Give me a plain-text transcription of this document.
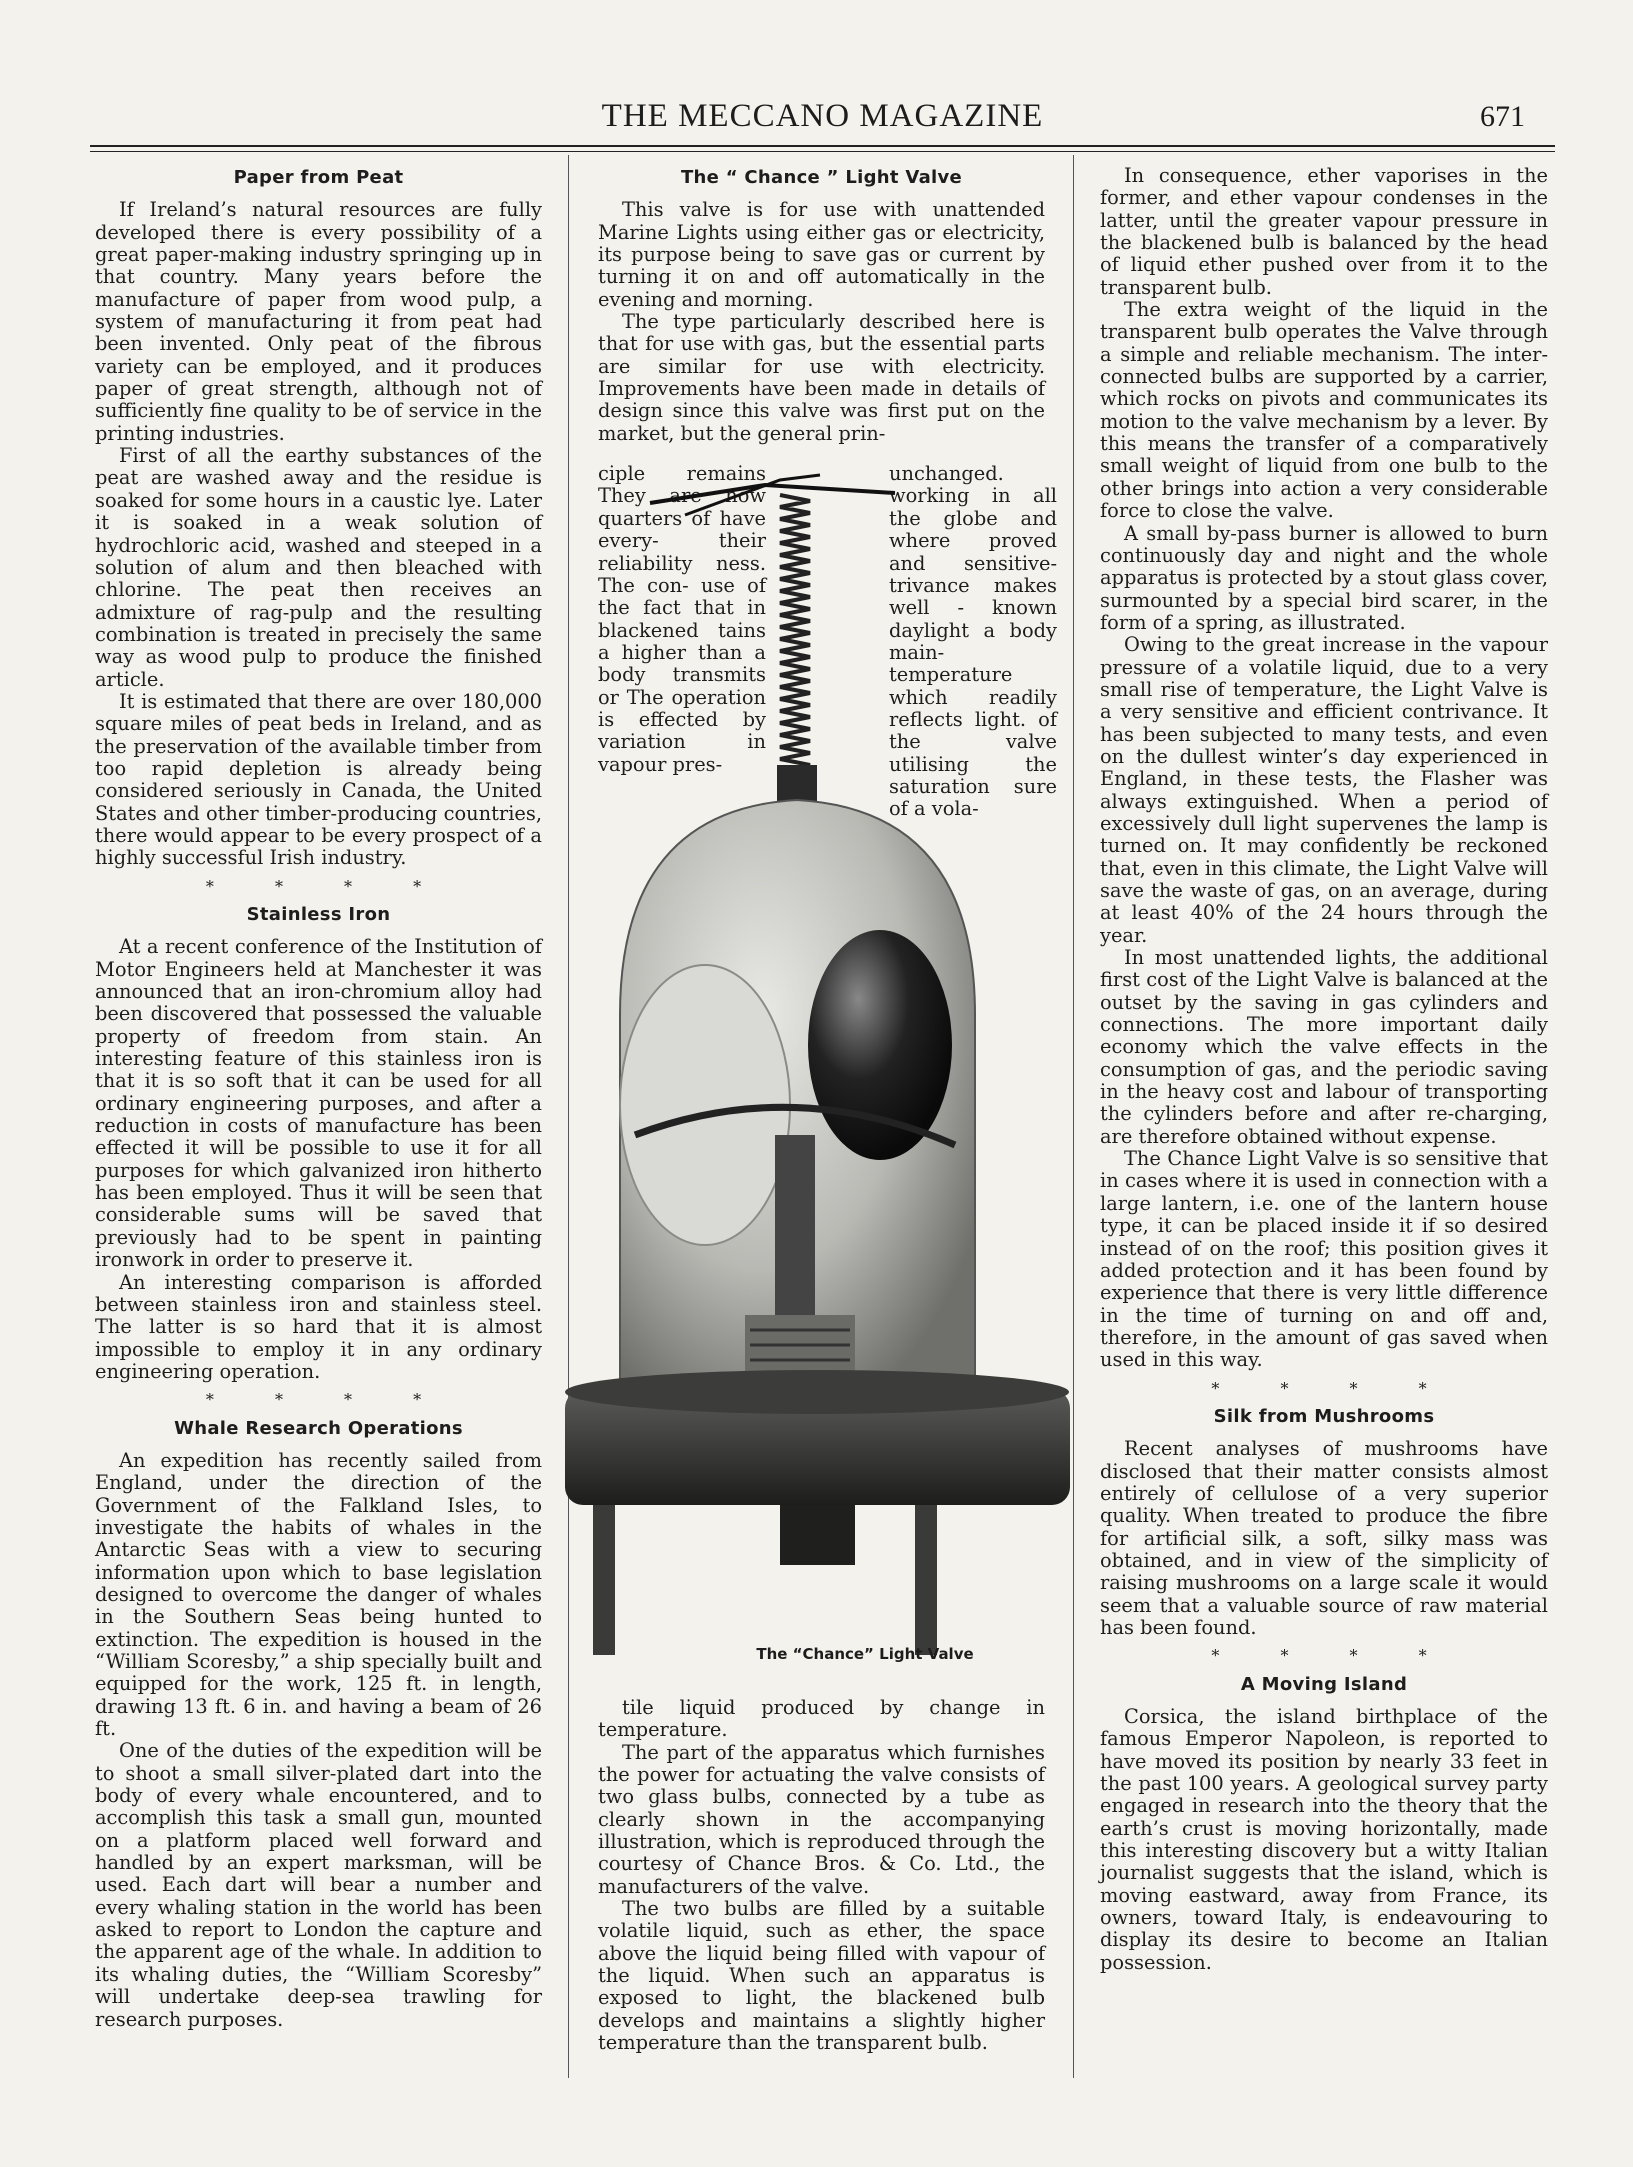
THE MECCANO MAGAZINE	671
Paper from Peat

If Ireland’s natural resources are fully developed there is every possibility of a great paper-making industry springing up in that country. Many years before the manufacture of paper from wood pulp, a system of manufacturing it from peat had been invented. Only peat of the fibrous variety can be employed, and it produces paper of great strength, although not of sufficiently fine quality to be of service in the printing industries.

First of all the earthy substances of the peat are washed away and the residue is soaked for some hours in a caustic lye. Later it is soaked in a weak solution of hydrochloric acid, washed and steeped in a solution of alum and then bleached with chlorine. The peat then receives an admixture of rag-pulp and the resulting combination is treated in precisely the same way as wood pulp to produce the finished article.

It is estimated that there are over 180,000 square miles of peat beds in Ireland, and as the preservation of the available timber from too rapid depletion is already being considered seriously in Canada, the United States and other timber-producing countries, there would appear to be every prospect of a highly successful Irish industry.

* * * *
Stainless Iron

At a recent conference of the Institution of Motor Engineers held at Manchester it was announced that an iron-chromium alloy had been discovered that possessed the valuable property of freedom from stain. An interesting feature of this stainless iron is that it is so soft that it can be used for all ordinary engineering purposes, and after a reduction in costs of manufacture has been effected it will be possible to use it for all purposes for which galvanized iron hitherto has been employed. Thus it will be seen that considerable sums will be saved that previously had to be spent in painting ironwork in order to preserve it.

An interesting comparison is afforded between stainless iron and stainless steel. The latter is so hard that it is almost impossible to employ it in any ordinary engineering operation.

* * * *
Whale Research Operations

An expedition has recently sailed from England, under the direction of the Government of the Falkland Isles, to investigate the habits of whales in the Antarctic Seas with a view to securing information upon which to base legislation designed to overcome the danger of whales in the Southern Seas being hunted to extinction. The expedition is housed in the “William Scoresby,” a ship specially built and equipped for the work, 125 ft. in length, drawing 13 ft. 6 in. and having a beam of 26 ft.

One of the duties of the expedition will be to shoot a small silver-plated dart into the body of every whale encountered, and to accomplish this task a small gun, mounted on a platform placed well forward and handled by an expert marksman, will be used. Each dart will bear a number and every whaling station in the world has been asked to report to London the capture and the apparent age of the whale. In addition to its whaling duties, the “William Scoresby” will undertake deep-sea trawling for research purposes.

The “ Chance ” Light Valve

This valve is for use with unattended Marine Lights using either gas or electricity, its purpose being to save gas or current by turning it on and off automatically in the evening and morning.

The type particularly described here is that for use with gas, but the essential parts are similar for use with electricity. Improvements have been made in details of design since this valve was first put on the market, but the general prin-

ciple remains They are now quarters of have every- their reliability ness. The con- use of the fact that in blackened tains a higher than a body transmits or The operation is effected by variation in vapour pres-
unchanged. working in all the globe and where proved and sensitive- trivance makes well - known daylight a body main- temperature which readily reflects light. of the valve utilising the saturation sure of a vola-
The “Chance” Light Valve

tile liquid produced by change in temperature.

The part of the apparatus which furnishes the power for actuating the valve consists of two glass bulbs, connected by a tube as clearly shown in the accompanying illustration, which is reproduced through the courtesy of Chance Bros. & Co. Ltd., the manufacturers of the valve.

The two bulbs are filled by a suitable volatile liquid, such as ether, the space above the liquid being filled with vapour of the liquid. When such an apparatus is exposed to light, the blackened bulb develops and maintains a slightly higher temperature than the transparent bulb.

In consequence, ether vaporises in the former, and ether vapour condenses in the latter, until the greater vapour pressure in the blackened bulb is balanced by the head of liquid ether pushed over from it to the transparent bulb.

The extra weight of the liquid in the transparent bulb operates the Valve through a simple and reliable mechanism. The inter-connected bulbs are supported by a carrier, which rocks on pivots and communicates its motion to the valve mechanism by a lever. By this means the transfer of a comparatively small weight of liquid from one bulb to the other brings into action a very considerable force to close the valve.

A small by-pass burner is allowed to burn continuously day and night and the whole apparatus is protected by a stout glass cover, surmounted by a special bird scarer, in the form of a spring, as illustrated.

Owing to the great increase in the vapour pressure of a volatile liquid, due to a very small rise of temperature, the Light Valve is a very sensitive and efficient contrivance. It has been subjected to many tests, and even on the dullest winter’s day experienced in England, in these tests, the Flasher was always extinguished. When a period of excessively dull light supervenes the lamp is turned on. It may confidently be reckoned that, even in this climate, the Light Valve will save the waste of gas, on an average, during at least 40% of the 24 hours through the year.

In most unattended lights, the additional first cost of the Light Valve is balanced at the outset by the saving in gas cylinders and connections. The more important daily economy which the valve effects in the consumption of gas, and the periodic saving in the heavy cost and labour of transporting the cylinders before and after re-charging, are therefore obtained without expense.

The Chance Light Valve is so sensitive that in cases where it is used in connection with a large lantern, i.e. one of the lantern house type, it can be placed inside it if so desired instead of on the roof; this position gives it added protection and it has been found by experience that there is very little difference in the time of turning on and off and, therefore, in the amount of gas saved when used in this way.

* * * *
Silk from Mushrooms

Recent analyses of mushrooms have disclosed that their matter consists almost entirely of cellulose of a very superior quality. When treated to produce the fibre for artificial silk, a soft, silky mass was obtained, and in view of the simplicity of raising mushrooms on a large scale it would seem that a valuable source of raw material has been found.

* * * *
A Moving Island

Corsica, the island birthplace of the famous Emperor Napoleon, is reported to have moved its position by nearly 33 feet in the past 100 years. A geological survey party engaged in research into the theory that the earth’s crust is moving horizontally, made this interesting discovery but a witty Italian journalist suggests that the island, which is moving eastward, away from France, its owners, toward Italy, is endeavouring to display its desire to become an Italian possession.
